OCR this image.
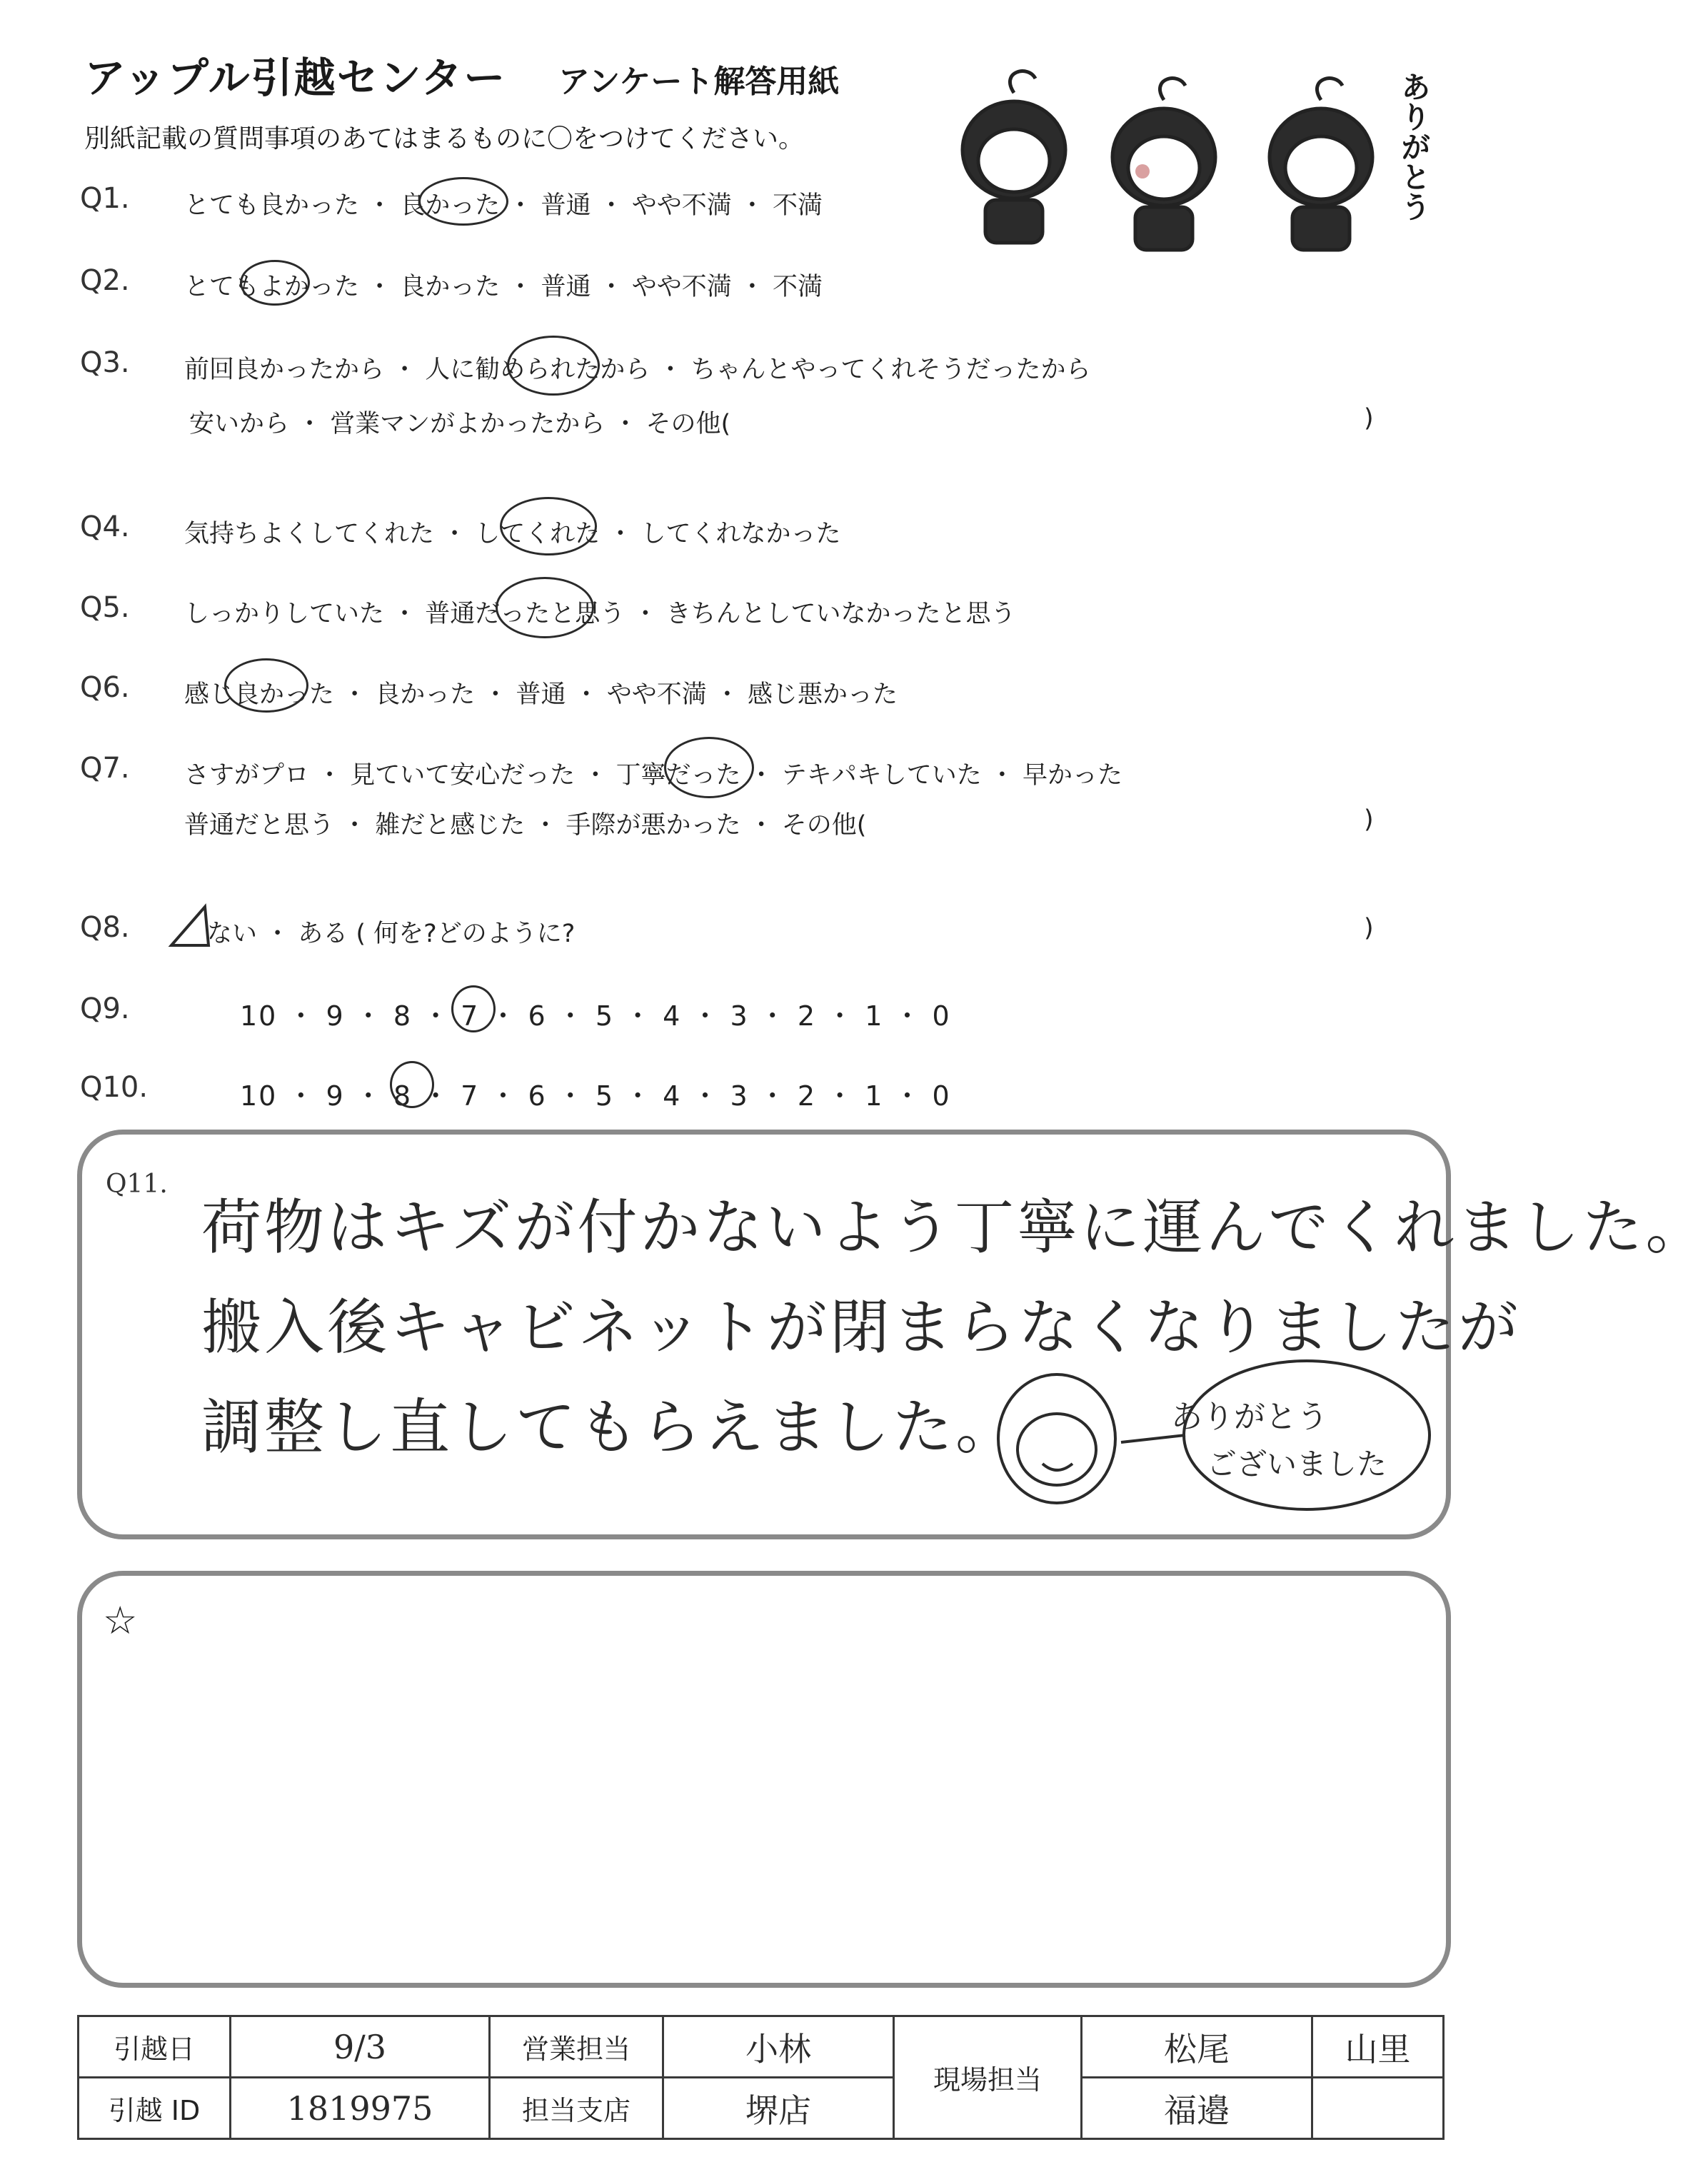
アップル引越センター アンケート解答用紙
別紙記載の質問事項のあてはまるものに〇をつけてください。	ありがとう
Q1. とても良かった ・ 良かった ・ 普通 ・ やや不満 ・ 不満
Q2. とてもよかった ・ 良かった ・ 普通 ・ やや不満 ・ 不満
Q3. 前回良かったから ・ 人に勧められたから ・ ちゃんとやってくれそうだったから
安いから ・ 営業マンがよかったから ・ その他(	)
Q4. 気持ちよくしてくれた ・ してくれた ・ してくれなかった
Q5. しっかりしていた ・ 普通だったと思う ・ きちんとしていなかったと思う
Q6. 感じ良かった ・ 良かった ・ 普通 ・ やや不満 ・ 感じ悪かった
Q7. さすがプロ ・ 見ていて安心だった ・ 丁寧だった ・ テキパキしていた ・ 早かった
普通だと思う ・ 雑だと感じた ・ 手際が悪かった ・ その他(	)
Q8.	ない ・ ある ( 何を?どのように?	)
Q9.	10 ・ 9 ・ 8 ・ 7 ・ 6 ・ 5 ・ 4 ・ 3 ・ 2 ・ 1 ・ 0
Q10.	10 ・ 9 ・ 8 ・ 7 ・ 6 ・ 5 ・ 4 ・ 3 ・ 2 ・ 1 ・ 0
Q11.
荷物はキズが付かないよう丁寧に運んでくれました。
搬入後キャビネットが閉まらなくなりましたが
調整し直してもらえました。	ありがとう
ございました
☆
引越日	9/3	営業担当	小林	現場担当	松尾	山里
引越 ID	1819975	担当支店	堺店		福邉	
